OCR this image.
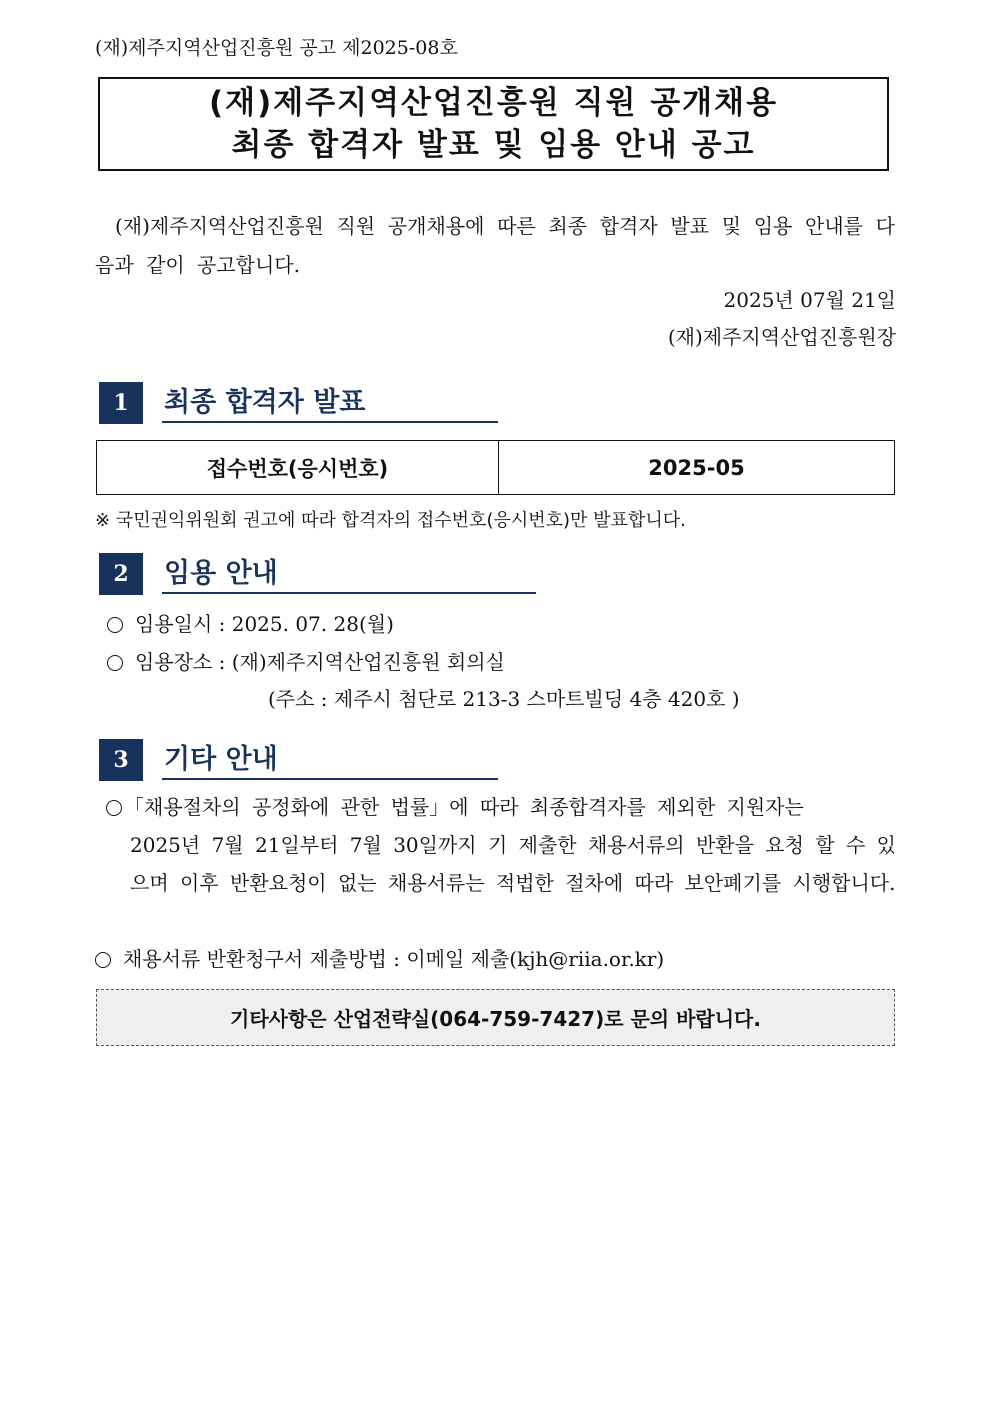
(재)제주지역산업진흥원 공고 제2025-08호
(재)제주지역산업진흥원 직원 공개채용
최종 합격자 발표 및 임용 안내 공고
(재)제주지역산업진흥원 직원 공개채용에 따른 최종 합격자 발표 및 임용 안내를 다음과 같이 공고합니다.
2025년 07월 21일
(재)제주지역산업진흥원장
1	최종 합격자 발표
접수번호(응시번호)	2025-05
※ 국민권익위원회 권고에 따라 합격자의 접수번호(응시번호)만 발표합니다.
2	임용 안내
임용일시 : 2025. 07. 28(월)
임용장소 : (재)제주지역산업진흥원 회의실
(주소 : 제주시 첨단로 213-3 스마트빌딩 4층 420호 )
3	기타 안내
「채용절차의 공정화에 관한 법률」에 따라 최종합격자를 제외한 지원자는
2025년 7월 21일부터 7월 30일까지 기 제출한 채용서류의 반환을 요청 할 수 있으며 이후 반환요청이 없는 채용서류는 적법한 절차에 따라 보안폐기를 시행합니다.
채용서류 반환청구서 제출방법 : 이메일 제출(kjh@riia.or.kr)
기타사항은 산업전략실(064-759-7427)로 문의 바랍니다.
